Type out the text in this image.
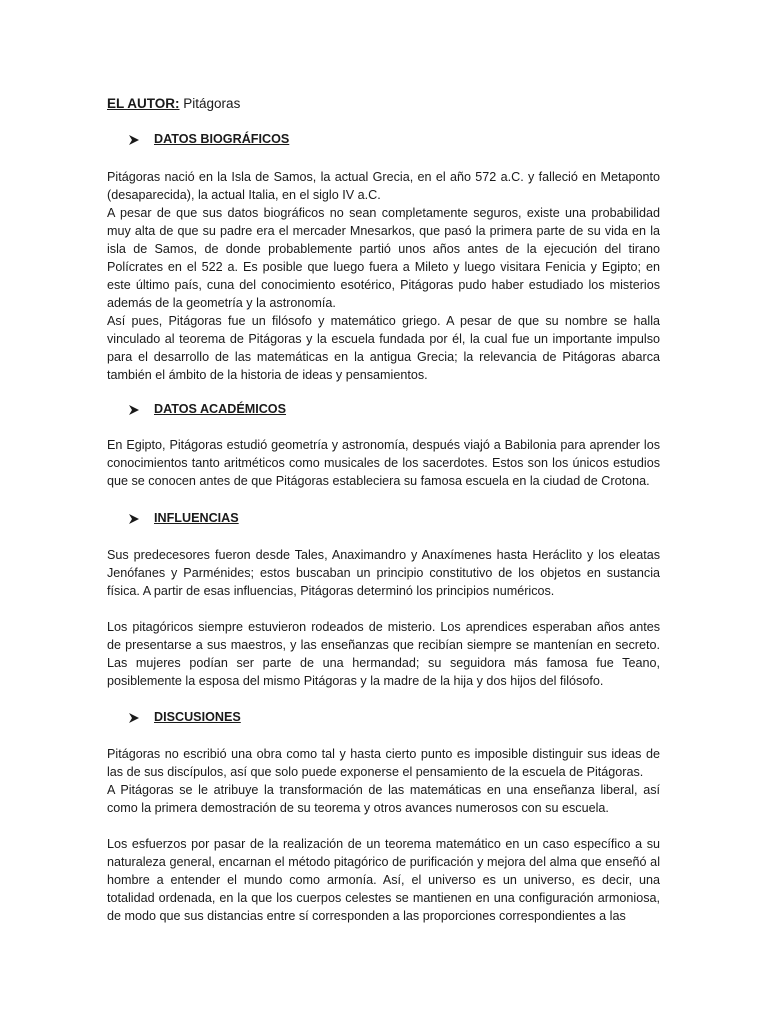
EL AUTOR: Pitágoras
DATOS BIOGRÁFICOS

Pitágoras nació en la Isla de Samos, la actual Grecia, en el año 572 a.C. y falleció en Metaponto (desaparecida), la actual Italia, en el siglo IV a.C.

A pesar de que sus datos biográficos no sean completamente seguros, existe una probabilidad muy alta de que su padre era el mercader Mnesarkos, que pasó la primera parte de su vida en la isla de Samos, de donde probablemente partió unos años antes de la ejecución del tirano Polícrates en el 522 a. Es posible que luego fuera a Mileto y luego visitara Fenicia y Egipto; en este último país, cuna del conocimiento esotérico, Pitágoras pudo haber estudiado los misterios además de la geometría y la astronomía.

Así pues, Pitágoras fue un filósofo y matemático griego. A pesar de que su nombre se halla vinculado al teorema de Pitágoras y la escuela fundada por él, la cual fue un importante impulso para el desarrollo de las matemáticas en la antigua Grecia; la relevancia de Pitágoras abarca también el ámbito de la historia de ideas y pensamientos.

DATOS ACADÉMICOS

En Egipto, Pitágoras estudió geometría y astronomía, después viajó a Babilonia para aprender los conocimientos tanto aritméticos como musicales de los sacerdotes. Estos son los únicos estudios que se conocen antes de que Pitágoras estableciera su famosa escuela en la ciudad de Crotona.

INFLUENCIAS

Sus predecesores fueron desde Tales, Anaximandro y Anaxímenes hasta Heráclito y los eleatas Jenófanes y Parménides; estos buscaban un principio constitutivo de los objetos en sustancia física. A partir de esas influencias, Pitágoras determinó los principios numéricos.

Los pitagóricos siempre estuvieron rodeados de misterio. Los aprendices esperaban años antes de presentarse a sus maestros, y las enseñanzas que recibían siempre se mantenían en secreto. Las mujeres podían ser parte de una hermandad; su seguidora más famosa fue Teano, posiblemente la esposa del mismo Pitágoras y la madre de la hija y dos hijos del filósofo.

DISCUSIONES

Pitágoras no escribió una obra como tal y hasta cierto punto es imposible distinguir sus ideas de las de sus discípulos, así que solo puede exponerse el pensamiento de la escuela de Pitágoras.

A Pitágoras se le atribuye la transformación de las matemáticas en una enseñanza liberal, así como la primera demostración de su teorema y otros avances numerosos con su escuela.

Los esfuerzos por pasar de la realización de un teorema matemático en un caso específico a su naturaleza general, encarnan el método pitagórico de purificación y mejora del alma que enseñó al hombre a entender el mundo como armonía. Así, el universo es un universo, es decir, una totalidad ordenada, en la que los cuerpos celestes se mantienen en una configuración armoniosa, de modo que sus distancias entre sí corresponden a las proporciones correspondientes a las
